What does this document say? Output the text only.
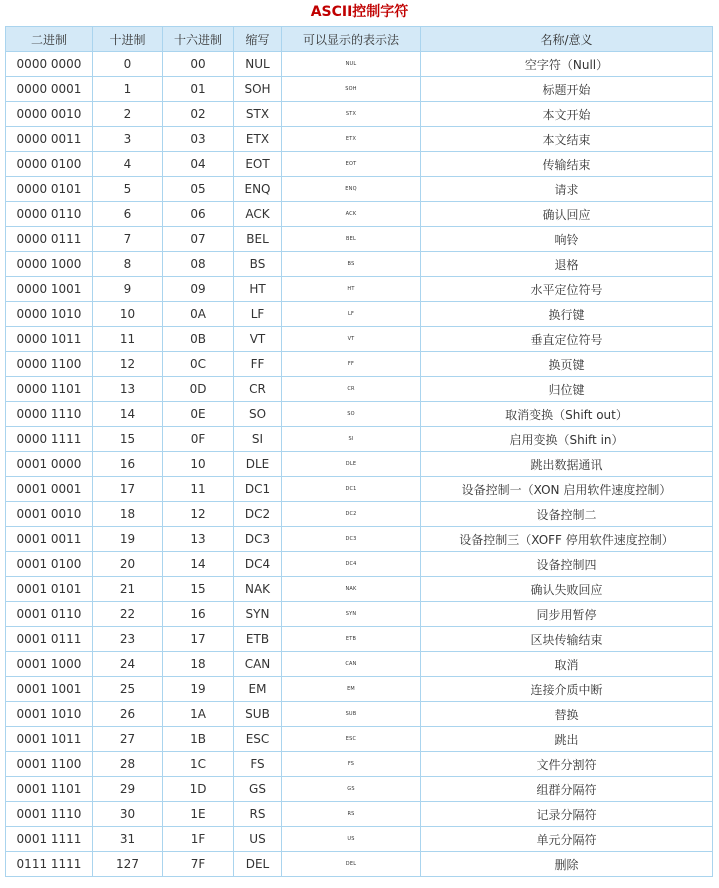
ASCII控制字符
二进制	十进制	十六进制	缩写	可以显示的表示法	名称/意义
0000 0000	0	00	NUL	NUL	空字符（Null）
0000 0001	1	01	SOH	SOH	标题开始
0000 0010	2	02	STX	STX	本文开始
0000 0011	3	03	ETX	ETX	本文结束
0000 0100	4	04	EOT	EOT	传输结束
0000 0101	5	05	ENQ	ENQ	请求
0000 0110	6	06	ACK	ACK	确认回应
0000 0111	7	07	BEL	BEL	响铃
0000 1000	8	08	BS	BS	退格
0000 1001	9	09	HT	HT	水平定位符号
0000 1010	10	0A	LF	LF	换行键
0000 1011	11	0B	VT	VT	垂直定位符号
0000 1100	12	0C	FF	FF	换页键
0000 1101	13	0D	CR	CR	归位键
0000 1110	14	0E	SO	SO	取消变换（Shift out）
0000 1111	15	0F	SI	SI	启用变换（Shift in）
0001 0000	16	10	DLE	DLE	跳出数据通讯
0001 0001	17	11	DC1	DC1	设备控制一（XON 启用软件速度控制）
0001 0010	18	12	DC2	DC2	设备控制二
0001 0011	19	13	DC3	DC3	设备控制三（XOFF 停用软件速度控制）
0001 0100	20	14	DC4	DC4	设备控制四
0001 0101	21	15	NAK	NAK	确认失败回应
0001 0110	22	16	SYN	SYN	同步用暂停
0001 0111	23	17	ETB	ETB	区块传输结束
0001 1000	24	18	CAN	CAN	取消
0001 1001	25	19	EM	EM	连接介质中断
0001 1010	26	1A	SUB	SUB	替换
0001 1011	27	1B	ESC	ESC	跳出
0001 1100	28	1C	FS	FS	文件分割符
0001 1101	29	1D	GS	GS	组群分隔符
0001 1110	30	1E	RS	RS	记录分隔符
0001 1111	31	1F	US	US	单元分隔符
0111 1111	127	7F	DEL	DEL	删除
